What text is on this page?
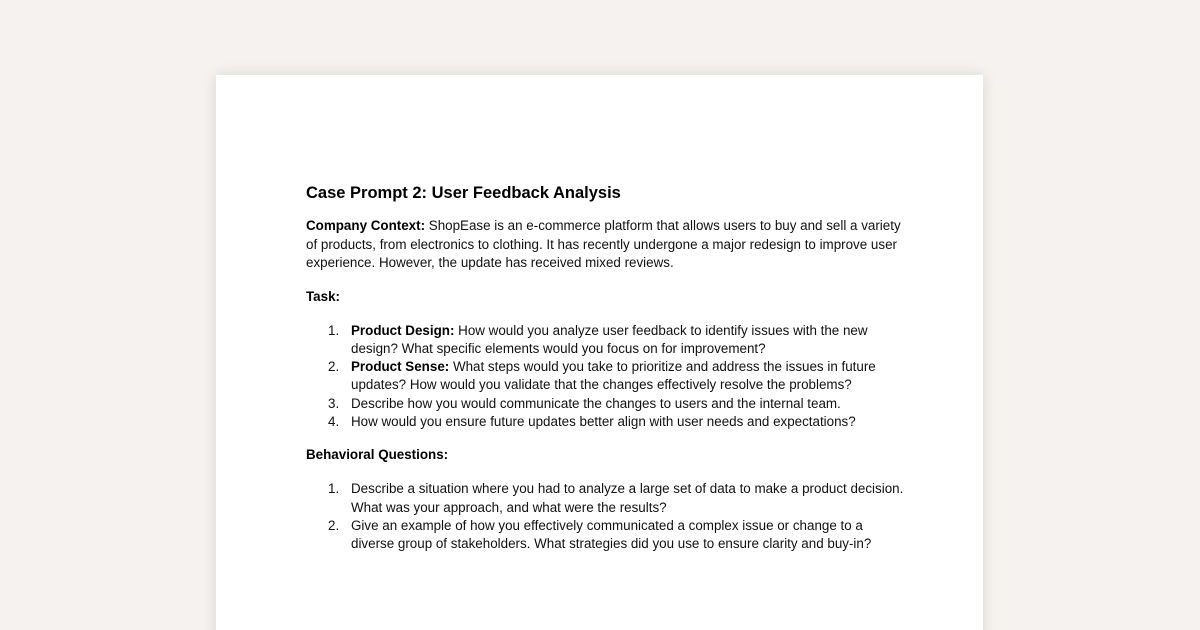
Case Prompt 2: User Feedback Analysis

Company Context: ShopEase is an e-commerce platform that allows users to buy and sell a variety of products, from electronics to clothing. It has recently undergone a major redesign to improve user experience. However, the update has received mixed reviews.

Task:

1. Product Design: How would you analyze user feedback to identify issues with the new design? What specific elements would you focus on for improvement?
2. Product Sense: What steps would you take to prioritize and address the issues in future updates? How would you validate that the changes effectively resolve the problems?
3. Describe how you would communicate the changes to users and the internal team.
4. How would you ensure future updates better align with user needs and expectations?

Behavioral Questions:

1. Describe a situation where you had to analyze a large set of data to make a product decision. What was your approach, and what were the results?
2. Give an example of how you effectively communicated a complex issue or change to a diverse group of stakeholders. What strategies did you use to ensure clarity and buy-in?
